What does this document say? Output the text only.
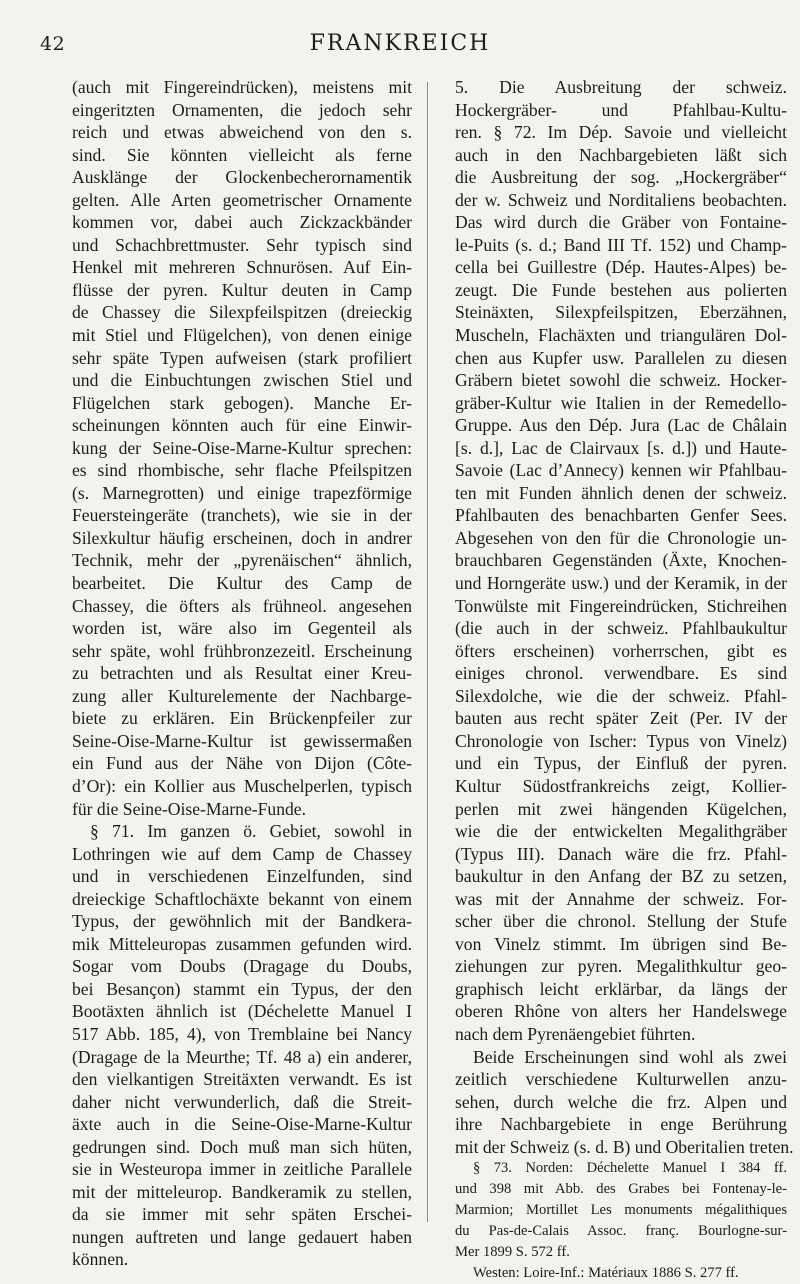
42	FRANKREICH
(auch mit Fingereindrücken), meistens mit
eingeritzten Ornamenten, die jedoch sehr
reich und etwas abweichend von den s.
sind. Sie könnten vielleicht als ferne
Ausklänge der Glockenbecherornamentik
gelten. Alle Arten geometrischer Ornamente
kommen vor, dabei auch Zickzackbänder
und Schachbrettmuster. Sehr typisch sind
Henkel mit mehreren Schnurösen. Auf Ein-
flüsse der pyren. Kultur deuten in Camp
de Chassey die Silexpfeilspitzen (dreieckig
mit Stiel und Flügelchen), von denen einige
sehr späte Typen aufweisen (stark profiliert
und die Einbuchtungen zwischen Stiel und
Flügelchen stark gebogen). Manche Er-
scheinungen könnten auch für eine Einwir-
kung der Seine-Oise-Marne-Kultur sprechen:
es sind rhombische, sehr flache Pfeilspitzen
(s. Marnegrotten) und einige trapezförmige
Feuersteingeräte (tranchets), wie sie in der
Silexkultur häufig erscheinen, doch in andrer
Technik, mehr der „pyrenäischen“ ähnlich,
bearbeitet. Die Kultur des Camp de
Chassey, die öfters als frühneol. angesehen
worden ist, wäre also im Gegenteil als
sehr späte, wohl frühbronzezeitl. Erscheinung
zu betrachten und als Resultat einer Kreu-
zung aller Kulturelemente der Nachbarge-
biete zu erklären. Ein Brückenpfeiler zur
Seine-Oise-Marne-Kultur ist gewissermaßen
ein Fund aus der Nähe von Dijon (Côte-
d’Or): ein Kollier aus Muschelperlen, typisch
für die Seine-Oise-Marne-Funde.
§ 71. Im ganzen ö. Gebiet, sowohl in
Lothringen wie auf dem Camp de Chassey
und in verschiedenen Einzelfunden, sind
dreieckige Schaftlochäxte bekannt von einem
Typus, der gewöhnlich mit der Bandkera-
mik Mitteleuropas zusammen gefunden wird.
Sogar vom Doubs (Dragage du Doubs,
bei Besançon) stammt ein Typus, der den
Bootäxten ähnlich ist (Déchelette Manuel I
517 Abb. 185, 4), von Tremblaine bei Nancy
(Dragage de la Meurthe; Tf. 48 a) ein anderer,
den vielkantigen Streitäxten verwandt. Es ist
daher nicht verwunderlich, daß die Streit-
äxte auch in die Seine-Oise-Marne-Kultur
gedrungen sind. Doch muß man sich hüten,
sie in Westeuropa immer in zeitliche Parallele
mit der mitteleurop. Bandkeramik zu stellen,
da sie immer mit sehr späten Erschei-
nungen auftreten und lange gedauert haben
können.
5. Die Ausbreitung der schweiz.
Hockergräber- und Pfahlbau-Kultu-
ren. § 72. Im Dép. Savoie und vielleicht
auch in den Nachbargebieten läßt sich
die Ausbreitung der sog. „Hockergräber“
der w. Schweiz und Norditaliens beobachten.
Das wird durch die Gräber von Fontaine-
le-Puits (s. d.; Band III Tf. 152) und Champ-
cella bei Guillestre (Dép. Hautes-Alpes) be-
zeugt. Die Funde bestehen aus polierten
Steinäxten, Silexpfeilspitzen, Eberzähnen,
Muscheln, Flachäxten und triangulären Dol-
chen aus Kupfer usw. Parallelen zu diesen
Gräbern bietet sowohl die schweiz. Hocker-
gräber-Kultur wie Italien in der Remedello-
Gruppe. Aus den Dép. Jura (Lac de Châlain
[s. d.], Lac de Clairvaux [s. d.]) und Haute-
Savoie (Lac d’Annecy) kennen wir Pfahlbau-
ten mit Funden ähnlich denen der schweiz.
Pfahlbauten des benachbarten Genfer Sees.
Abgesehen von den für die Chronologie un-
brauchbaren Gegenständen (Äxte, Knochen-
und Horngeräte usw.) und der Keramik, in der
Tonwülste mit Fingereindrücken, Stichreihen
(die auch in der schweiz. Pfahlbaukultur
öfters erscheinen) vorherrschen, gibt es
einiges chronol. verwendbare. Es sind
Silexdolche, wie die der schweiz. Pfahl-
bauten aus recht später Zeit (Per. IV der
Chronologie von Ischer: Typus von Vinelz)
und ein Typus, der Einfluß der pyren.
Kultur Südostfrankreichs zeigt, Kollier-
perlen mit zwei hängenden Kügelchen,
wie die der entwickelten Megalithgräber
(Typus III). Danach wäre die frz. Pfahl-
baukultur in den Anfang der BZ zu setzen,
was mit der Annahme der schweiz. For-
scher über die chronol. Stellung der Stufe
von Vinelz stimmt. Im übrigen sind Be-
ziehungen zur pyren. Megalithkultur geo-
graphisch leicht erklärbar, da längs der
oberen Rhône von alters her Handelswege
nach dem Pyrenäengebiet führten.
Beide Erscheinungen sind wohl als zwei
zeitlich verschiedene Kulturwellen anzu-
sehen, durch welche die frz. Alpen und
ihre Nachbargebiete in enge Berührung
mit der Schweiz (s. d. B) und Oberitalien treten.
§ 73. Norden: Déchelette Manuel I 384 ff.
und 398 mit Abb. des Grabes bei Fontenay-le-
Marmion; Mortillet Les monuments mégalithiques
du Pas-de-Calais Assoc. franç. Bourlogne-sur-
Mer 1899 S. 572 ff.
Westen: Loire-Inf.: Matériaux 1886 S. 277 ff.
